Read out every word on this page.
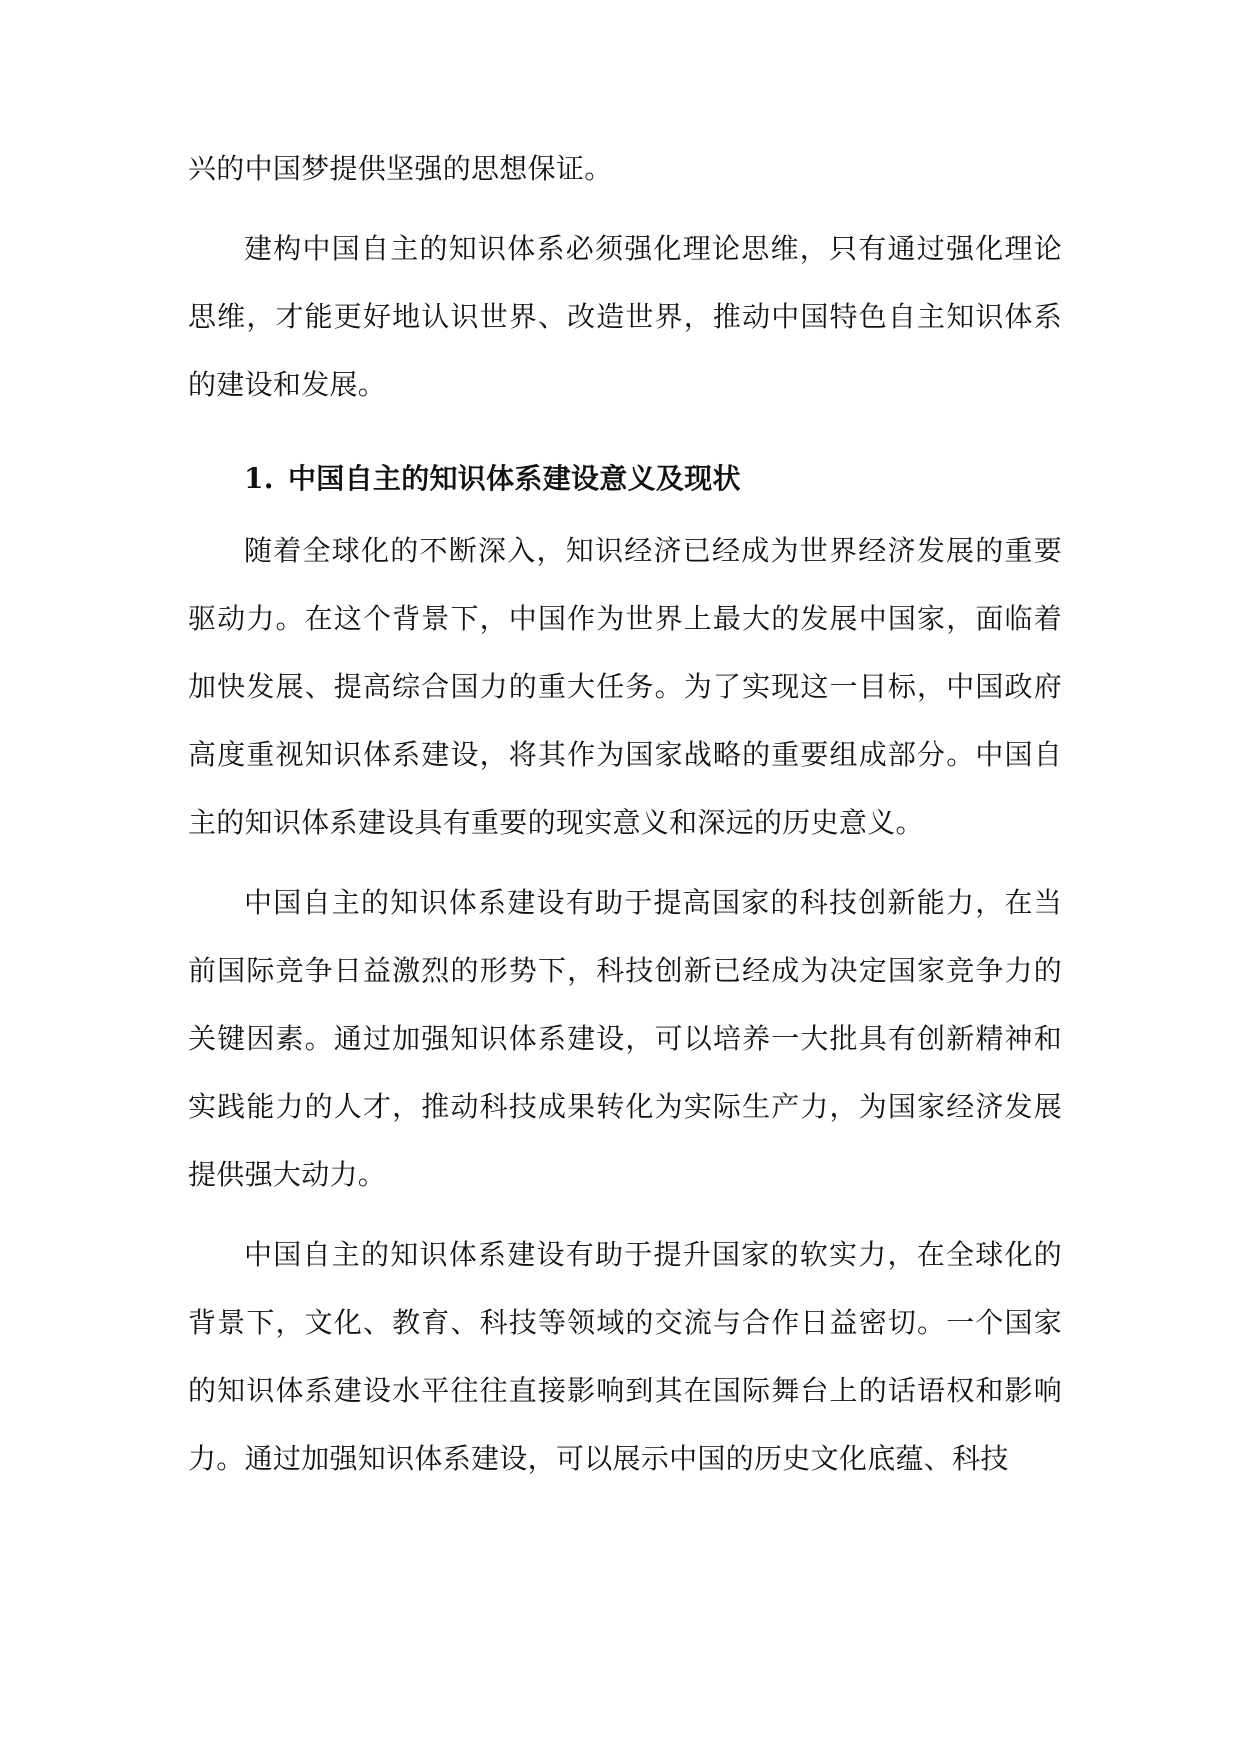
兴的中国梦提供坚强的思想保证。

建构中国自主的知识体系必须强化理论思维，只有通过强化理论思维，才能更好地认识世界、改造世界，推动中国特色自主知识体系的建设和发展。

1. 中国自主的知识体系建设意义及现状

随着全球化的不断深入，知识经济已经成为世界经济发展的重要驱动力。在这个背景下，中国作为世界上最大的发展中国家，面临着加快发展、提高综合国力的重大任务。为了实现这一目标，中国政府高度重视知识体系建设，将其作为国家战略的重要组成部分。中国自主的知识体系建设具有重要的现实意义和深远的历史意义。

中国自主的知识体系建设有助于提高国家的科技创新能力，在当前国际竞争日益激烈的形势下，科技创新已经成为决定国家竞争力的关键因素。通过加强知识体系建设，可以培养一大批具有创新精神和实践能力的人才，推动科技成果转化为实际生产力，为国家经济发展提供强大动力。

中国自主的知识体系建设有助于提升国家的软实力，在全球化的背景下，文化、教育、科技等领域的交流与合作日益密切。一个国家的知识体系建设水平往往直接影响到其在国际舞台上的话语权和影响力。通过加强知识体系建设，可以展示中国的历史文化底蕴、科技
